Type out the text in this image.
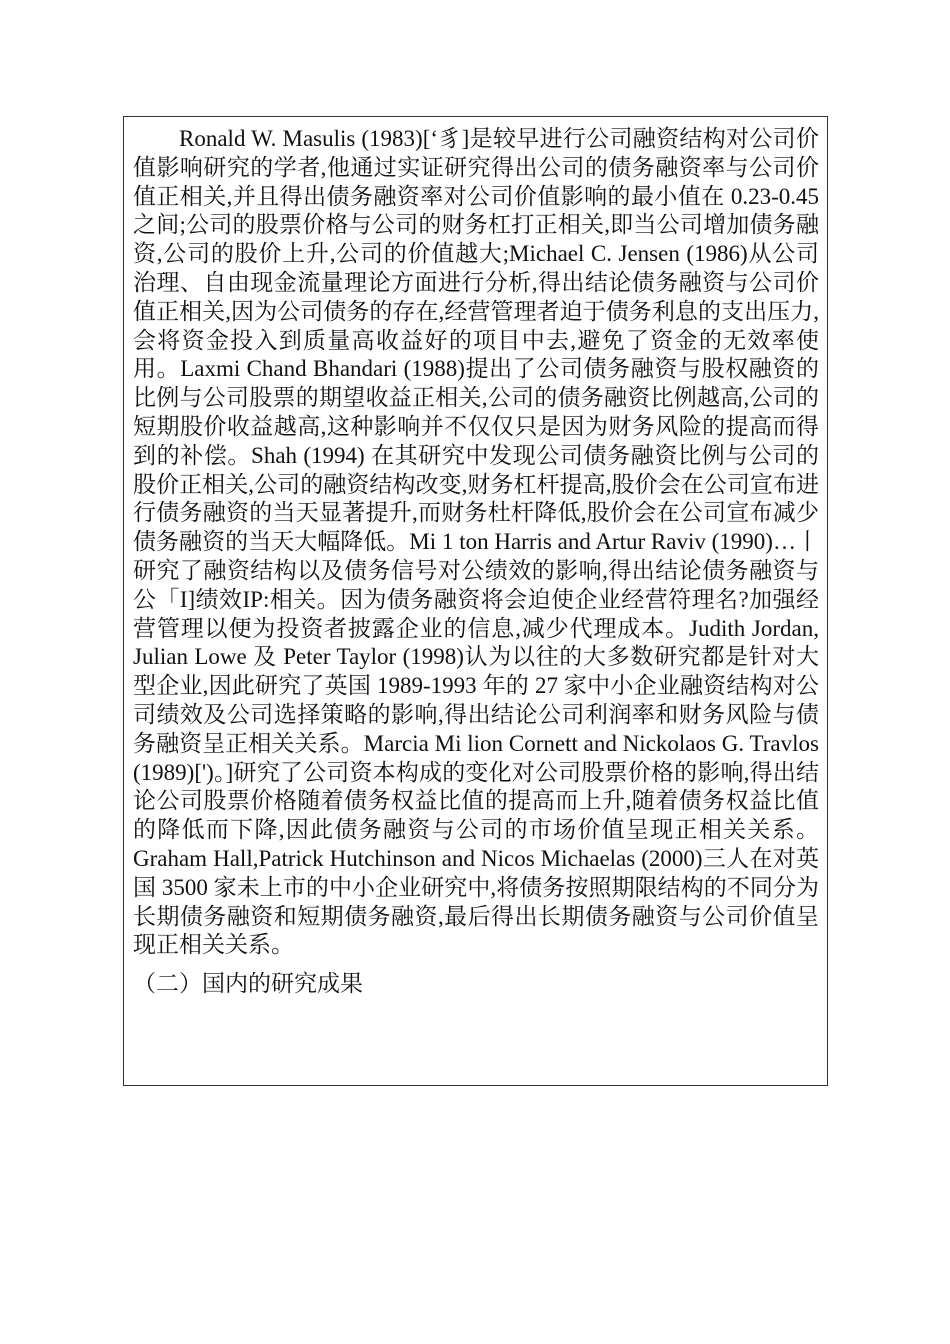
Ronald W. Masulis (1983)[‘豸]是较早进行公司融资结构对公司价值影响研究的学者,他通过实证研究得出公司的债务融资率与公司价值正相关,并且得出债务融资率对公司价值影响的最小值在 0.23-0.45 之间;公司的股票价格与公司的财务杠打正相关,即当公司增加债务融资,公司的股价上升,公司的价值越大;Michael C. Jensen (1986)从公司治理、自由现金流量理论方面进行分析,得出结论债务融资与公司价值正相关,因为公司债务的存在,经营管理者迫于债务利息的支出压力,会将资金投入到质量高收益好的项目中去,避免了资金的无效率使用。Laxmi Chand Bhandari (1988)提出了公司债务融资与股权融资的比例与公司股票的期望收益正相关,公司的债务融资比例越高,公司的短期股价收益越高,这种影响并不仅仅只是因为财务风险的提高而得到的补偿。Shah (1994) 在其研究中发现公司债务融资比例与公司的股价正相关,公司的融资结构改变,财务杠杆提高,股价会在公司宣布进行债务融资的当天显著提升,而财务杜杆降低,股价会在公司宣布减少债务融资的当天大幅降低。Mi 1 ton Harris and Artur Raviv (1990)…丨研究了融资结构以及债务信号对公绩效的影响,得出结论债务融资与公「I]绩效IP:相关。因为债务融资将会迫使企业经营符理名?加强经营管理以便为投资者披露企业的信息,减少代理成本。Judith Jordan, Julian Lowe 及 Peter Taylor (1998)认为以往的大多数研究都是针对大型企业,因此研究了英国 1989-1993 年的 27 家中小企业融资结构对公司绩效及公司选择策略的影响,得出结论公司利润率和财务风险与债务融资呈正相关关系。Marcia Mi lion Cornett and Nickolaos G. Travlos (1989)[')。]研究了公司资本构成的变化对公司股票价格的影响,得出结论公司股票价格随着债务权益比值的提高而上升,随着债务权益比值的降低而下降,因此债务融资与公司的市场价值呈现正相关关系。Graham Hall,Patrick Hutchinson and Nicos Michaelas (2000)三人在对英国 3500 家未上市的中小企业研究中,将债务按照期限结构的不同分为长期债务融资和短期债务融资,最后得出长期债务融资与公司价值呈现正相关关系。

（二）国内的研究成果
